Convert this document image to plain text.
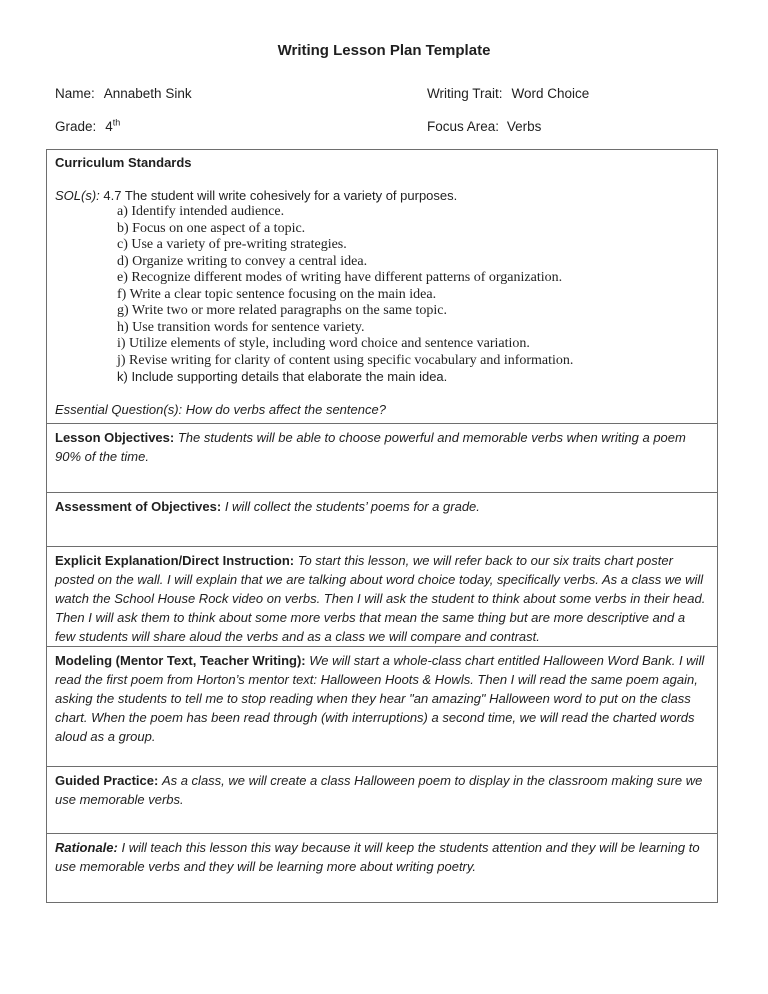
Writing Lesson Plan Template
Name: Annabeth Sink	Writing Trait: Word Choice
Grade: 4th	Focus Area: Verbs
Curriculum Standards
SOL(s): 4.7 The student will write cohesively for a variety of purposes.
a) Identify intended audience.
b) Focus on one aspect of a topic.
c) Use a variety of pre-writing strategies.
d) Organize writing to convey a central idea.
e) Recognize different modes of writing have different patterns of organization.
f) Write a clear topic sentence focusing on the main idea.
g) Write two or more related paragraphs on the same topic.
h) Use transition words for sentence variety.
i) Utilize elements of style, including word choice and sentence variation.
j) Revise writing for clarity of content using specific vocabulary and information.
k) Include supporting details that elaborate the main idea.
Essential Question(s): How do verbs affect the sentence?
Lesson Objectives: The students will be able to choose powerful and memorable verbs when writing a poem 90% of the time.
Assessment of Objectives: I will collect the students’ poems for a grade.
Explicit Explanation/Direct Instruction: To start this lesson, we will refer back to our six traits chart poster posted on the wall. I will explain that we are talking about word choice today, specifically verbs. As a class we will watch the School House Rock video on verbs. Then I will ask the student to think about some verbs in their head. Then I will ask them to think about some more verbs that mean the same thing but are more descriptive and a few students will share aloud the verbs and as a class we will compare and contrast.
Modeling (Mentor Text, Teacher Writing): We will start a whole-class chart entitled Halloween Word Bank. I will read the first poem from Horton’s mentor text: Halloween Hoots & Howls. Then I will read the same poem again, asking the students to tell me to stop reading when they hear "an amazing" Halloween word to put on the class chart. When the poem has been read through (with interruptions) a second time, we will read the charted words aloud as a group.
Guided Practice: As a class, we will create a class Halloween poem to display in the classroom making sure we use memorable verbs.
Rationale: I will teach this lesson this way because it will keep the students attention and they will be learning to use memorable verbs and they will be learning more about writing poetry.
